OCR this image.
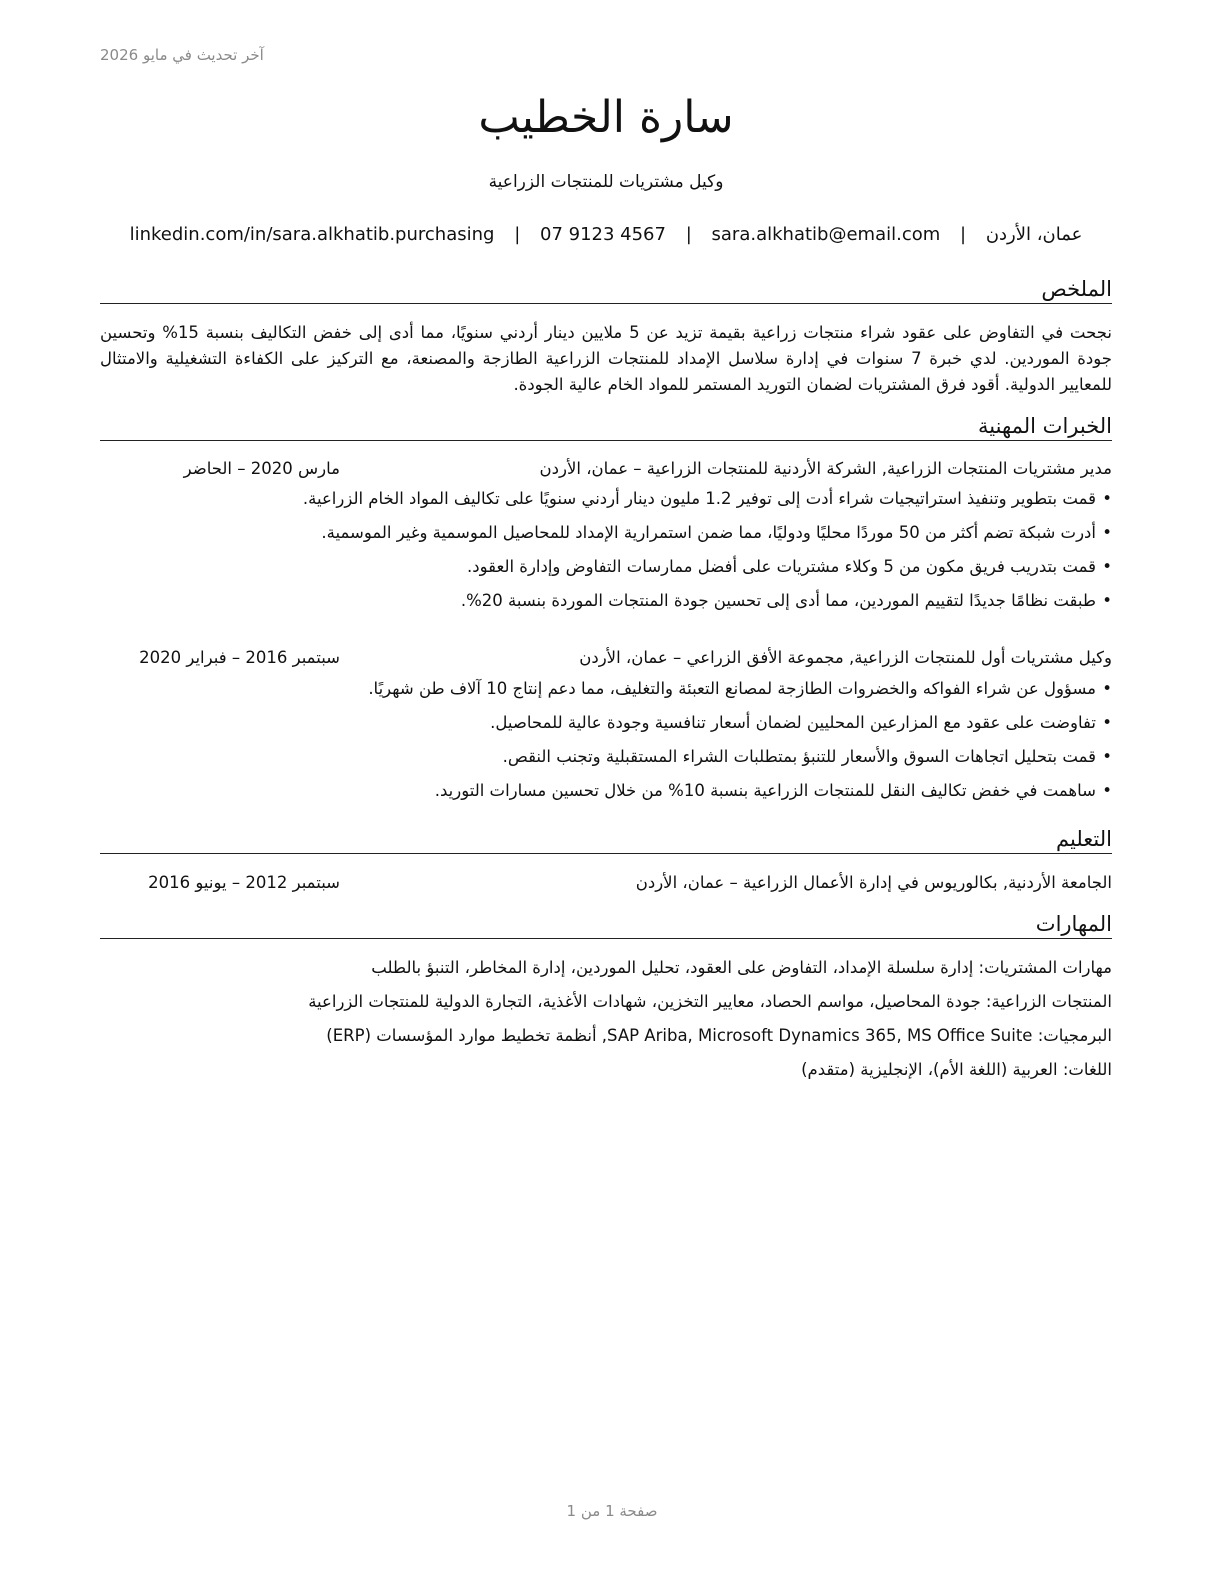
آخر تحديث في مايو 2026
سارة الخطيب
وكيل مشتريات للمنتجات الزراعية
عمان، الأردن | sara.alkhatib@email.com | 07 9123 4567 | linkedin.com/in/sara.alkhatib.purchasing
الملخص
نجحت في التفاوض على عقود شراء منتجات زراعية بقيمة تزيد عن 5 ملايين دينار أردني سنويًا، مما أدى إلى خفض التكاليف بنسبة 15% وتحسين جودة الموردين. لدي خبرة 7 سنوات في إدارة سلاسل الإمداد للمنتجات الزراعية الطازجة والمصنعة، مع التركيز على الكفاءة التشغيلية والامتثال للمعايير الدولية. أقود فرق المشتريات لضمان التوريد المستمر للمواد الخام عالية الجودة.
الخبرات المهنية
مدير مشتريات المنتجات الزراعية, الشركة الأردنية للمنتجات الزراعية – عمان، الأردن
مارس 2020 – الحاضر
• قمت بتطوير وتنفيذ استراتيجيات شراء أدت إلى توفير 1.2 مليون دينار أردني سنويًا على تكاليف المواد الخام الزراعية.
• أدرت شبكة تضم أكثر من 50 موردًا محليًا ودوليًا، مما ضمن استمرارية الإمداد للمحاصيل الموسمية وغير الموسمية.
• قمت بتدريب فريق مكون من 5 وكلاء مشتريات على أفضل ممارسات التفاوض وإدارة العقود.
• طبقت نظامًا جديدًا لتقييم الموردين، مما أدى إلى تحسين جودة المنتجات الموردة بنسبة 20%.
وكيل مشتريات أول للمنتجات الزراعية, مجموعة الأفق الزراعي – عمان، الأردن
سبتمبر 2016 – فبراير 2020
• مسؤول عن شراء الفواكه والخضروات الطازجة لمصانع التعبئة والتغليف، مما دعم إنتاج 10 آلاف طن شهريًا.
• تفاوضت على عقود مع المزارعين المحليين لضمان أسعار تنافسية وجودة عالية للمحاصيل.
• قمت بتحليل اتجاهات السوق والأسعار للتنبؤ بمتطلبات الشراء المستقبلية وتجنب النقص.
• ساهمت في خفض تكاليف النقل للمنتجات الزراعية بنسبة 10% من خلال تحسين مسارات التوريد.
التعليم
الجامعة الأردنية, بكالوريوس في إدارة الأعمال الزراعية – عمان، الأردن
سبتمبر 2012 – يونيو 2016
المهارات
مهارات المشتريات: إدارة سلسلة الإمداد، التفاوض على العقود، تحليل الموردين، إدارة المخاطر، التنبؤ بالطلب
المنتجات الزراعية: جودة المحاصيل، مواسم الحصاد، معايير التخزين، شهادات الأغذية، التجارة الدولية للمنتجات الزراعية
البرمجيات: SAP Ariba, Microsoft Dynamics 365, MS Office Suite, أنظمة تخطيط موارد المؤسسات (ERP)
اللغات: العربية (اللغة الأم)، الإنجليزية (متقدم)
صفحة 1 من 1
